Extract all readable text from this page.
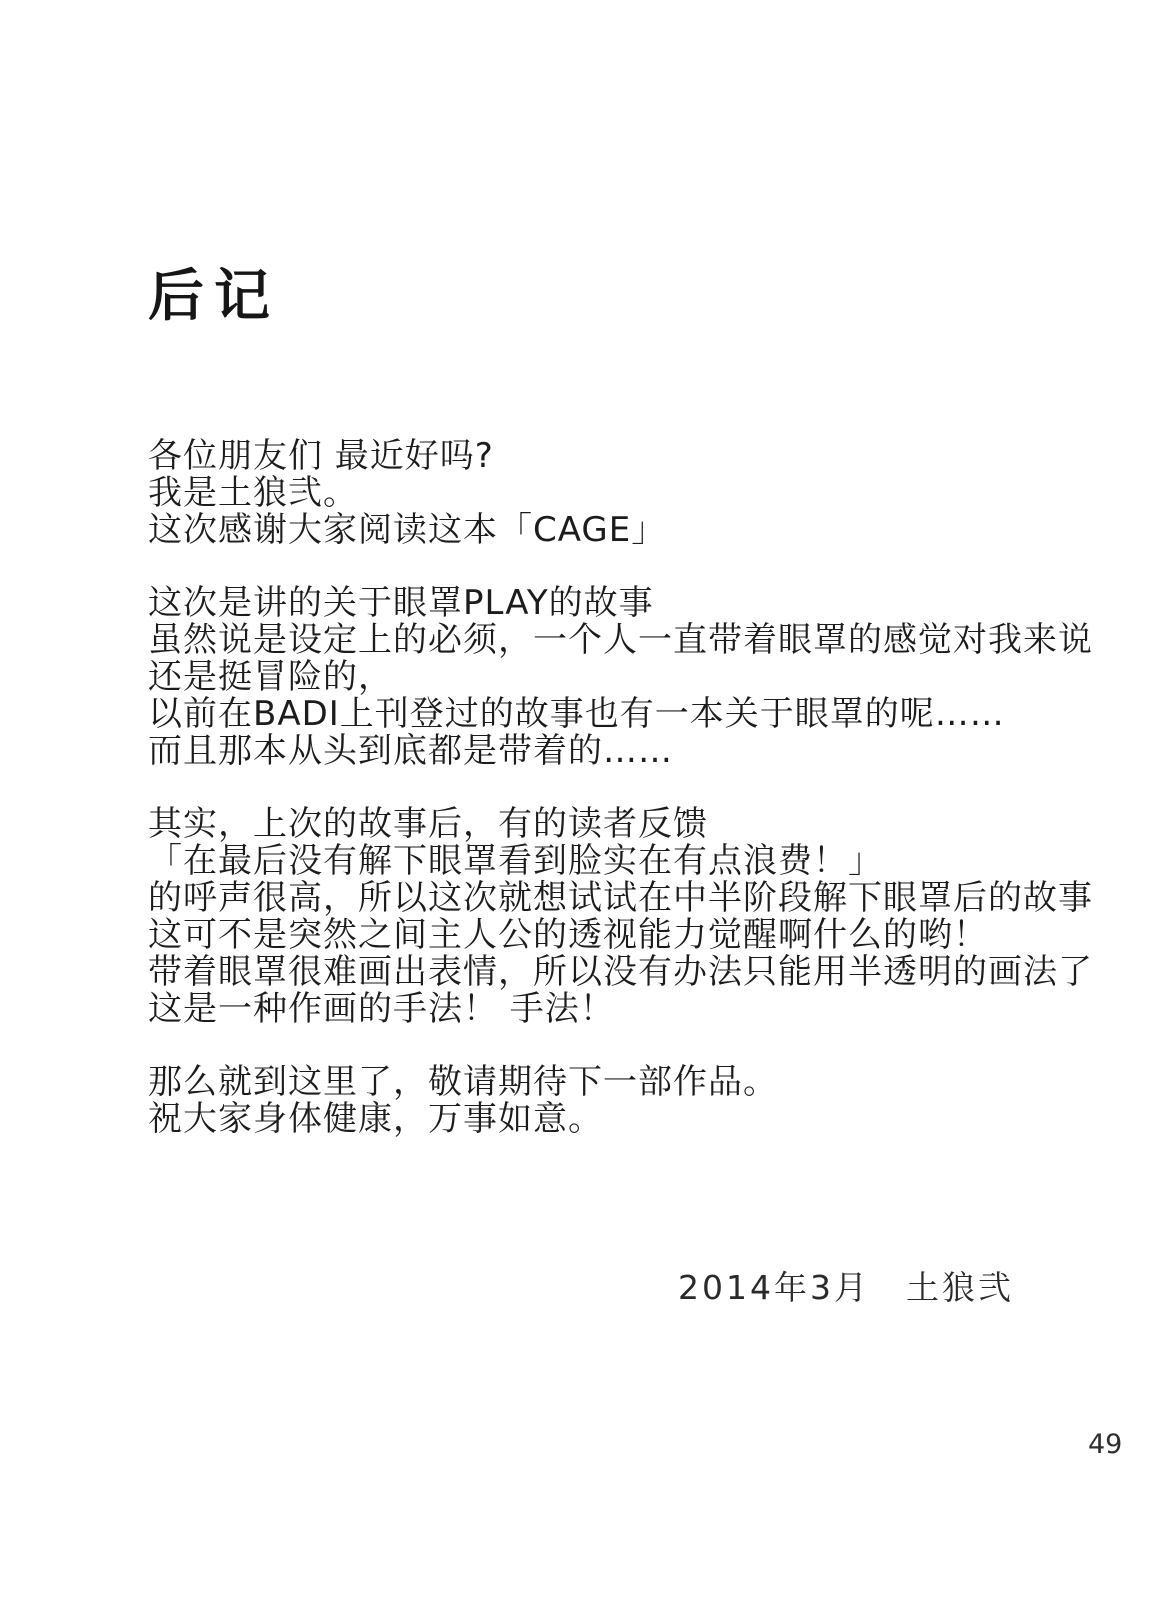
后记
各位朋友们 最近好吗?
我是土狼弐。
这次感谢大家阅读这本「CAGE」
这次是讲的关于眼罩PLAY的故事
虽然说是设定上的必须，一个人一直带着眼罩的感觉对我来说
还是挺冒险的，
以前在BADI上刊登过的故事也有一本关于眼罩的呢……
而且那本从头到底都是带着的……
其实，上次的故事后，有的读者反馈
「在最后没有解下眼罩看到脸实在有点浪费！」
的呼声很高，所以这次就想试试在中半阶段解下眼罩后的故事
这可不是突然之间主人公的透视能力觉醒啊什么的哟！
带着眼罩很难画出表情，所以没有办法只能用半透明的画法了
这是一种作画的手法！ 手法！
那么就到这里了，敬请期待下一部作品。
祝大家身体健康，万事如意。
2014年3月　土狼弐
49
